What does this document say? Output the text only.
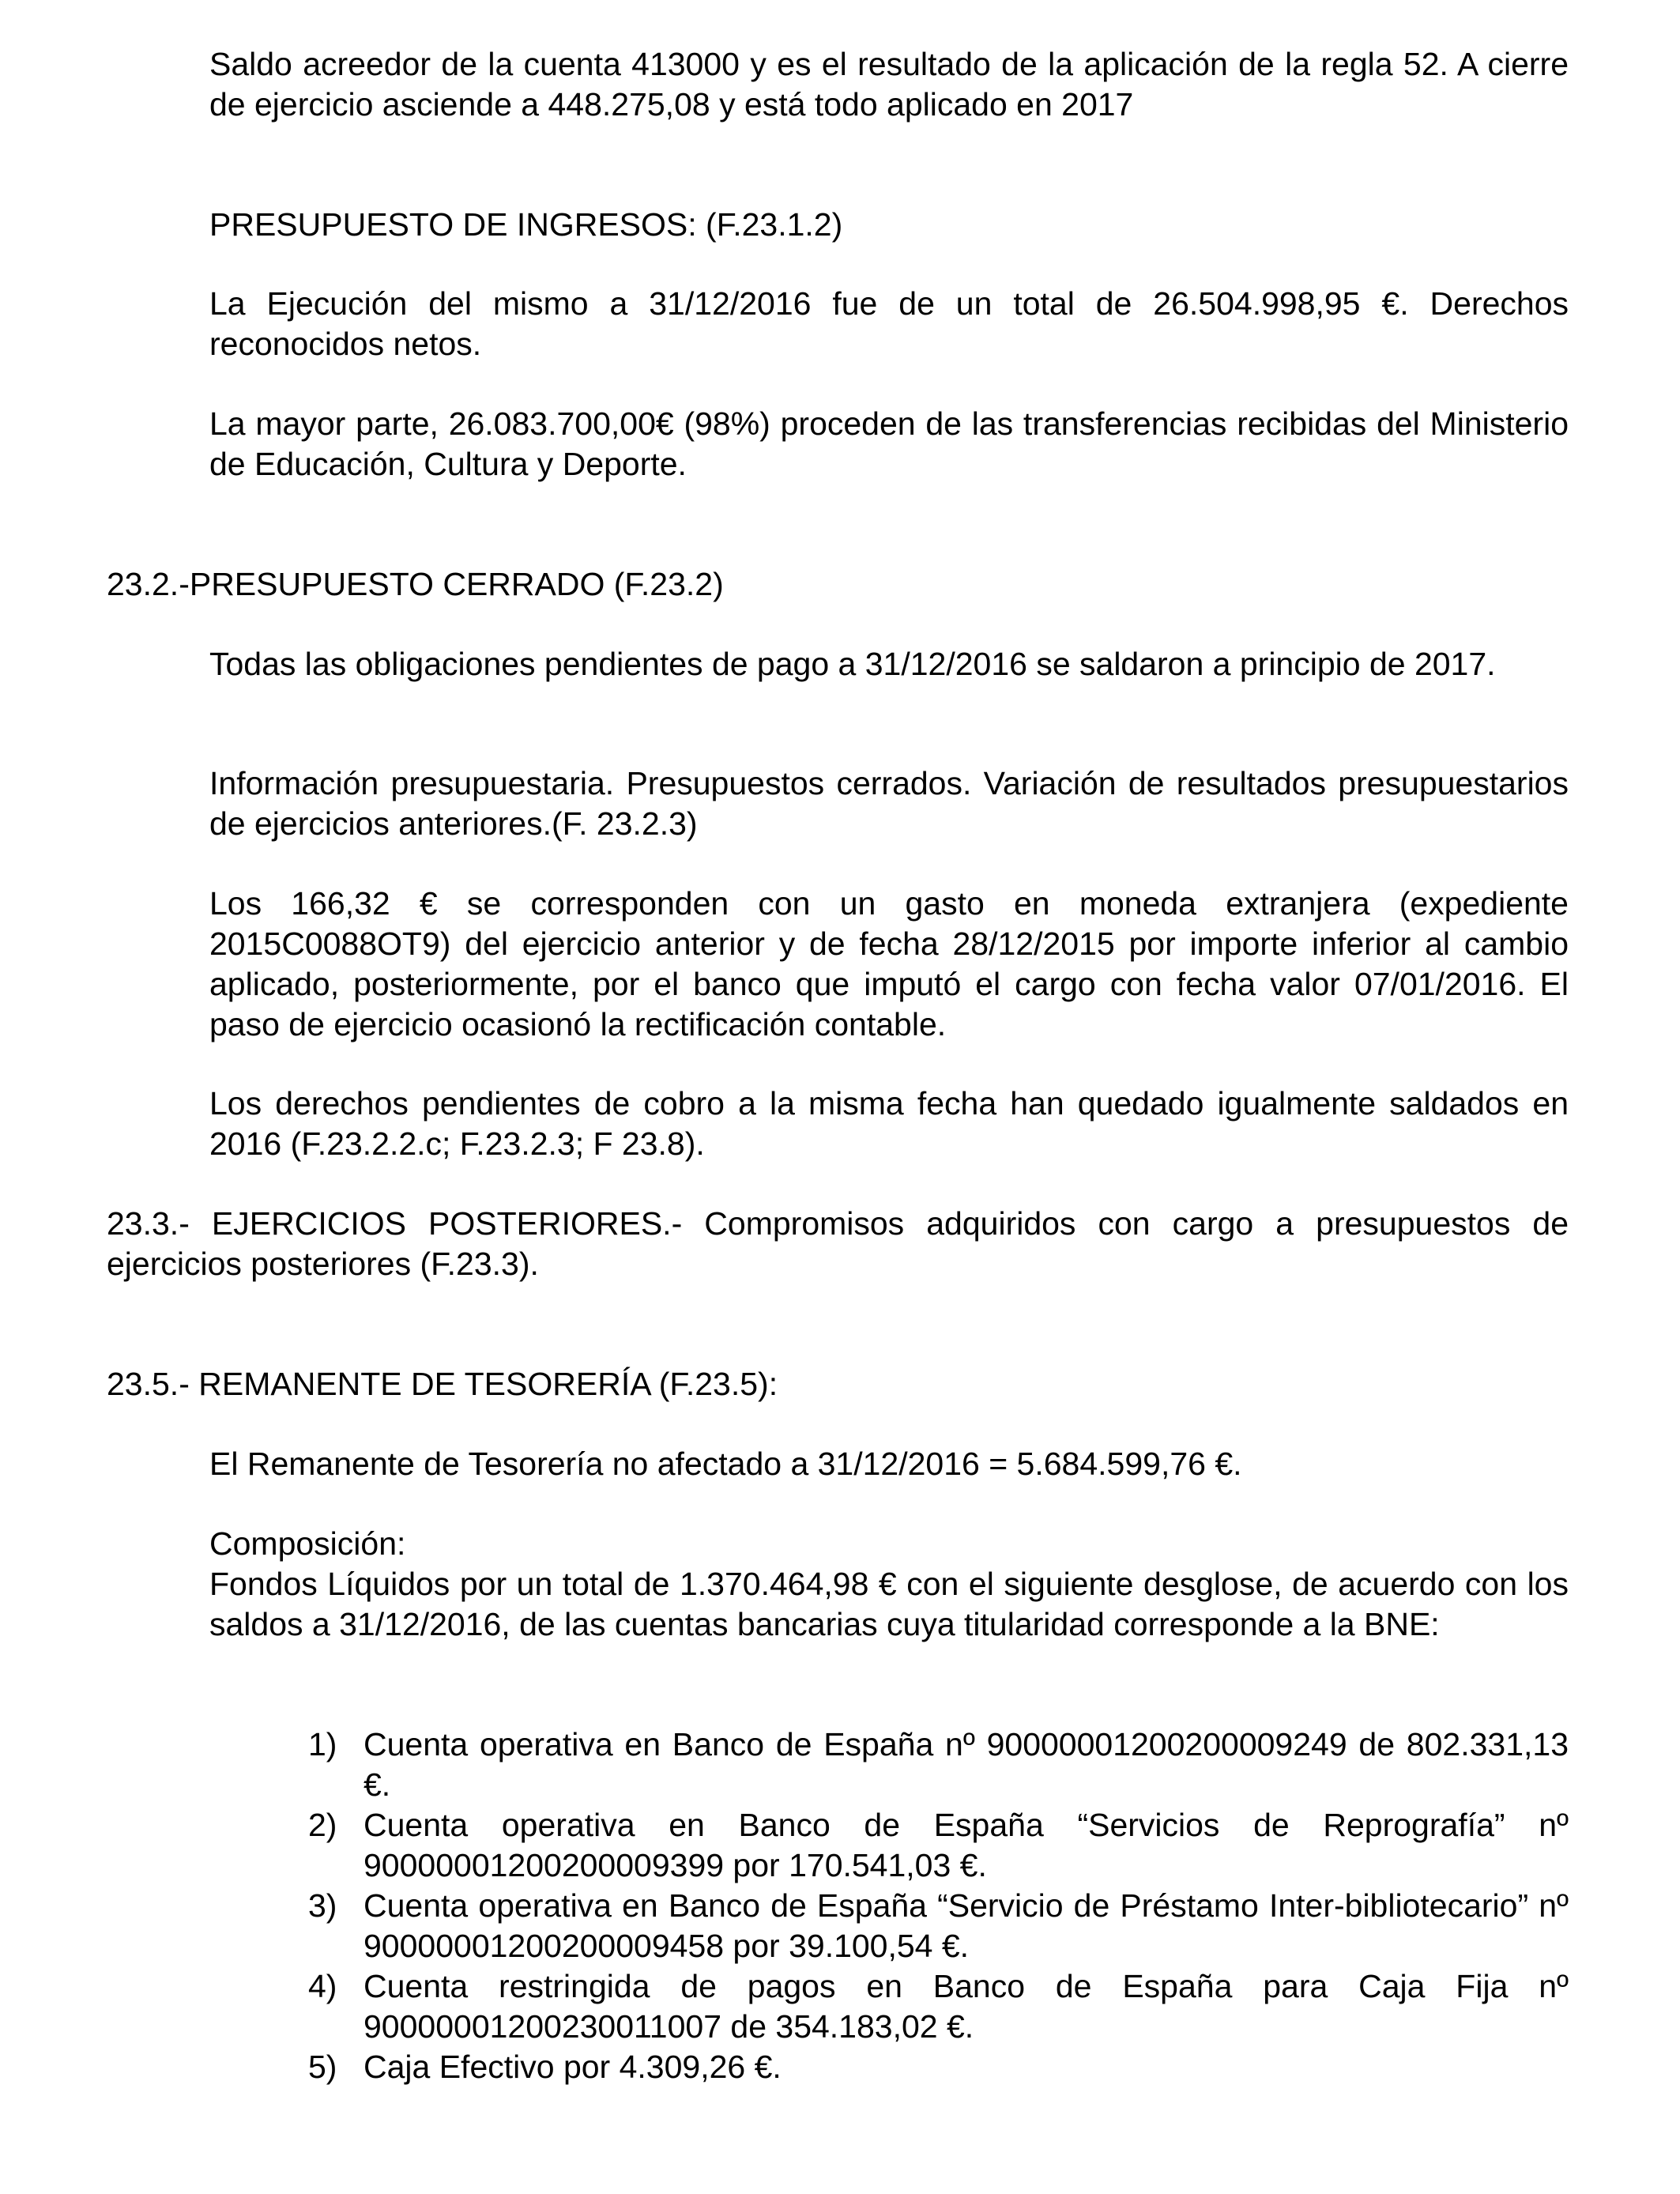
Saldo acreedor de la cuenta 413000 y es el resultado de la aplicación de la regla 52. A cierre de ejercicio asciende a 448.275,08 y está todo aplicado en 2017

PRESUPUESTO DE INGRESOS: (F.23.1.2)

La Ejecución del mismo a 31/12/2016 fue de un total de 26.504.998,95 €. Derechos reconocidos netos.

La mayor parte, 26.083.700,00€ (98%) proceden de las transferencias recibidas del Ministerio de Educación, Cultura y Deporte.

23.2.-PRESUPUESTO CERRADO (F.23.2)

Todas las obligaciones pendientes de pago a 31/12/2016 se saldaron a principio de 2017.

Información presupuestaria. Presupuestos cerrados. Variación de resultados presupuestarios de ejercicios anteriores.(F. 23.2.3)

Los 166,32 € se corresponden con un gasto en moneda extranjera (expediente 2015C0088OT9) del ejercicio anterior y de fecha 28/12/2015 por importe inferior al cambio aplicado, posteriormente, por el banco que imputó el cargo con fecha valor 07/01/2016. El paso de ejercicio ocasionó la rectificación contable.

Los derechos pendientes de cobro a la misma fecha han quedado igualmente saldados en 2016 (F.23.2.2.c; F.23.2.3; F 23.8).

23.3.- EJERCICIOS POSTERIORES.- Compromisos adquiridos con cargo a presupuestos de ejercicios posteriores (F.23.3).

23.5.- REMANENTE DE TESORERÍA (F.23.5):

El Remanente de Tesorería no afectado a 31/12/2016 = 5.684.599,76 €.

Composición:

Fondos Líquidos por un total de 1.370.464,98 € con el siguiente desglose, de acuerdo con los saldos a 31/12/2016, de las cuentas bancarias cuya titularidad corresponde a la BNE:

1) Cuenta operativa en Banco de España nº 90000001200200009249 de 802.331,13 €.
2) Cuenta operativa en Banco de España “Servicios de Reprografía” nº 90000001200200009399 por 170.541,03 €.
3) Cuenta operativa en Banco de España “Servicio de Préstamo Inter-bibliotecario” nº 90000001200200009458 por 39.100,54 €.
4) Cuenta restringida de pagos en Banco de España para Caja Fija nº 90000001200230011007 de 354.183,02 €.
5) Caja Efectivo por 4.309,26 €.
